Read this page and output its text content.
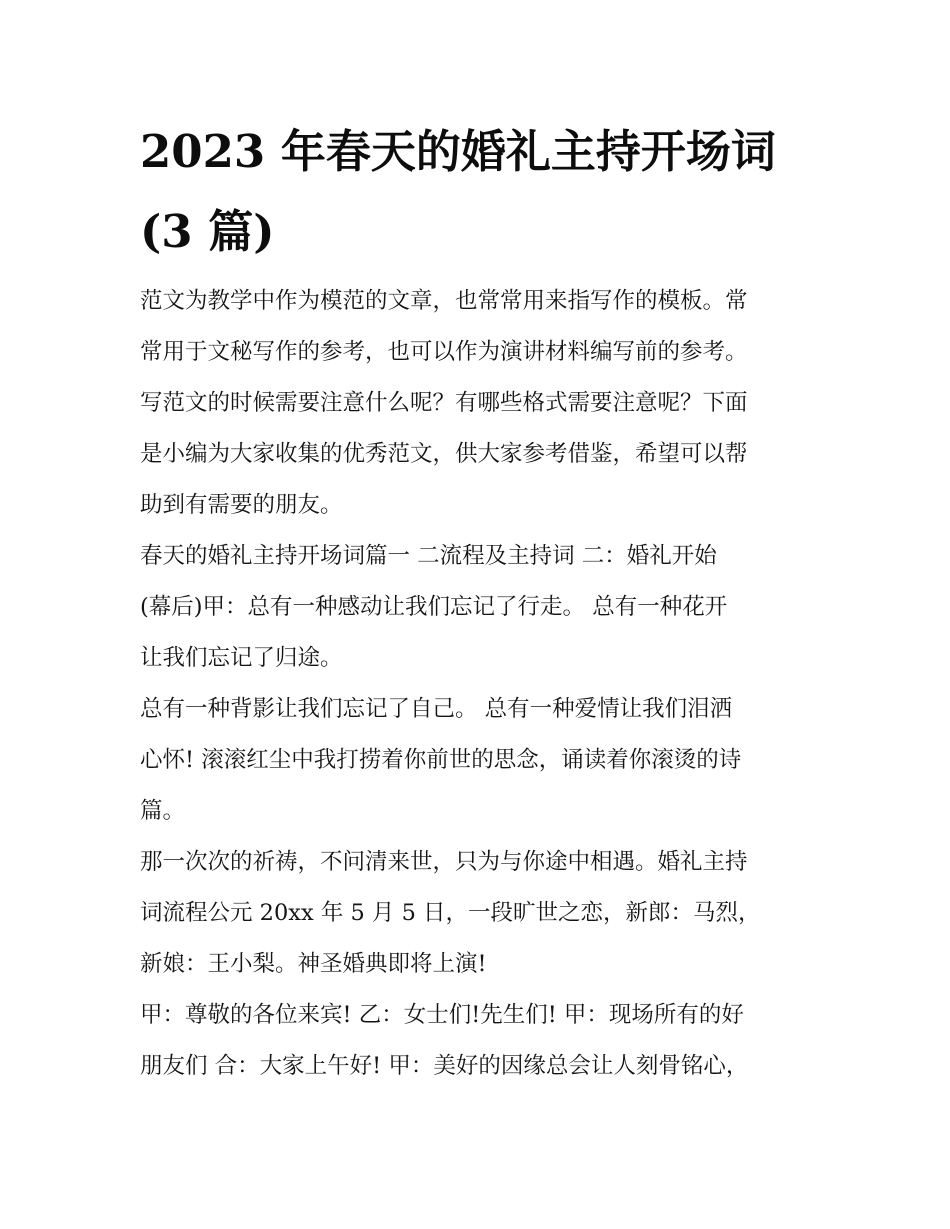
2023 年春天的婚礼主持开场词
(3 篇)
范文为教学中作为模范的文章，也常常用来指写作的模板。常
常用于文秘写作的参考，也可以作为演讲材料编写前的参考。
写范文的时候需要注意什么呢？有哪些格式需要注意呢？下面
是小编为大家收集的优秀范文，供大家参考借鉴，希望可以帮
助到有需要的朋友。
春天的婚礼主持开场词篇一 二流程及主持词 二：婚礼开始
(幕后)甲：总有一种感动让我们忘记了行走。 总有一种花开
让我们忘记了归途。
总有一种背影让我们忘记了自己。 总有一种爱情让我们泪洒
心怀! 滚滚红尘中我打捞着你前世的思念，诵读着你滚烫的诗
篇。
那一次次的祈祷，不问清来世，只为与你途中相遇。婚礼主持
词流程公元 20xx 年 5 月 5 日，一段旷世之恋，新郎：马烈，
新娘：王小梨。神圣婚典即将上演!
甲：尊敬的各位来宾! 乙：女士们!先生们! 甲：现场所有的好
朋友们 合：大家上午好! 甲：美好的因缘总会让人刻骨铭心，
